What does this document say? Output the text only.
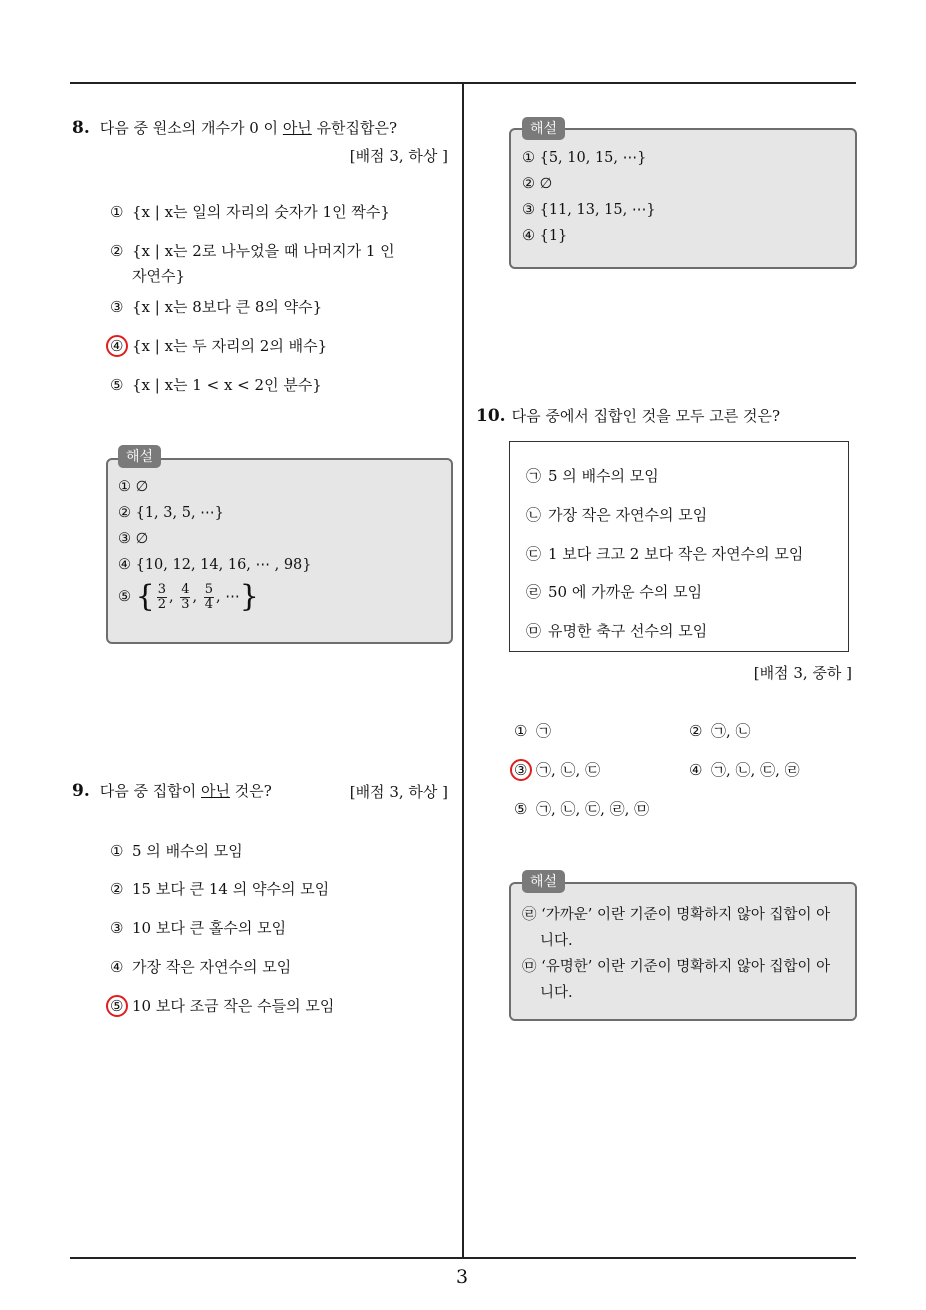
8. 다음 중 원소의 개수가 0 이 아닌 유한집합은?
[배점 3, 하상 ]
① {x | x는 일의 자리의 숫자가 1인 짝수}
② {x | x는 2로 나누었을 때 나머지가 1 인
자연수}
③ {x | x는 8보다 큰 8의 약수}
④ {x | x는 두 자리의 2의 배수}
⑤ {x | x는 1 < x < 2인 분수}
해설
① ∅
② {1, 3, 5, ⋯}
③ ∅
④ {10, 12, 14, 16, ⋯ , 98}
⑤ { $\frac{3}{2}$ , $\frac{4}{3}$ , $\frac{5}{4}$ , ⋯}
9. 다음 중 집합이 아닌 것은?	[배점 3, 하상 ]
① 5 의 배수의 모임
② 15 보다 큰 14 의 약수의 모임
③ 10 보다 큰 홀수의 모임
④ 가장 작은 자연수의 모임
⑤ 10 보다 조금 작은 수들의 모임
해설
① {5, 10, 15, ⋯}
② ∅
③ {11, 13, 15, ⋯}
④ {1}
10. 다음 중에서 집합인 것을 모두 고른 것은?
㉠ 5 의 배수의 모임
㉡ 가장 작은 자연수의 모임
㉢ 1 보다 크고 2 보다 작은 자연수의 모임
㉣ 50 에 가까운 수의 모임
㉤ 유명한 축구 선수의 모임
[배점 3, 중하 ]
① ㉠	② ㉠, ㉡
③ ㉠, ㉡, ㉢	④ ㉠, ㉡, ㉢, ㉣
⑤ ㉠, ㉡, ㉢, ㉣, ㉤
해설
㉣ ‘가까운’ 이란 기준이 명확하지 않아 집합이 아
니다.
㉤ ‘유명한’ 이란 기준이 명확하지 않아 집합이 아
니다.
3
